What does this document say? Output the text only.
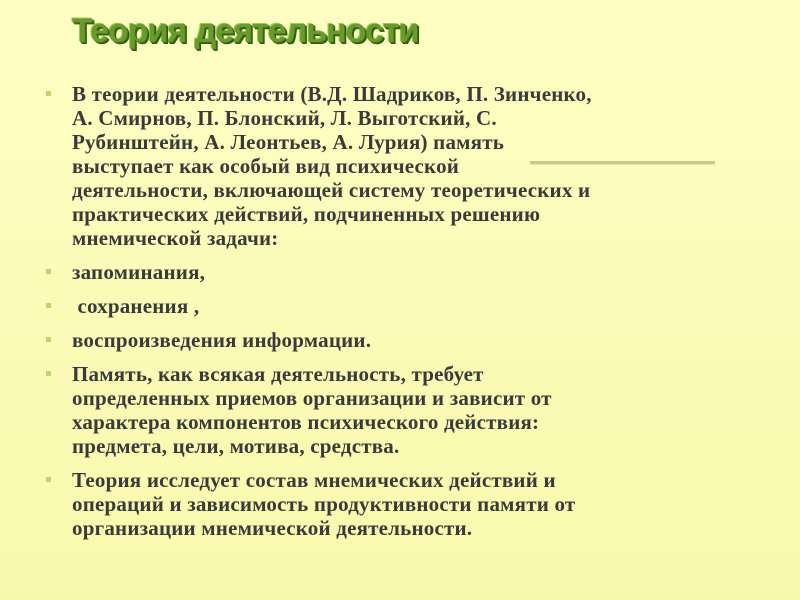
Теория деятельности
В теории деятельности (В.Д. Шадриков, П. Зинченко,
А. Смирнов, П. Блонский, Л. Выготский, С.
Рубинштейн, А. Леонтьев, А. Лурия) память
выступает как особый вид психической
деятельности, включающей систему теоретических и
практических действий, подчиненных решению
мнемической задачи:
запоминания,
сохранения ,
воспроизведения информации.
Память, как всякая деятельность, требует
определенных приемов организации и зависит от
характера компонентов психического действия:
предмета, цели, мотива, средства.
Теория исследует состав мнемических действий и
операций и зависимость продуктивности памяти от
организации мнемической деятельности.
